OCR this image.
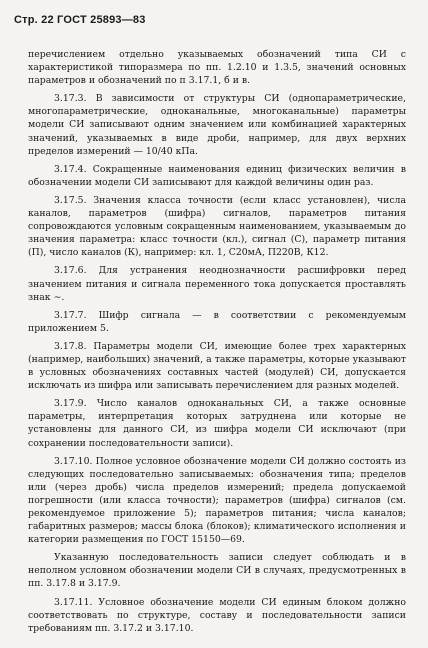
Стр. 22 ГОСТ 25893—83

перечислением отдельно указываемых обозначений типа СИ с характеристикой типоразмера по пп. 1.2.10 и 1.3.5, значений основных параметров и обозначений по п 3.17.1, б и в.

3.17.3. В зависимости от структуры СИ (однопараметрические, многопараметрические, одноканальные, многоканальные) параметры модели СИ записывают одним значением или комбинацией характерных значений, указываемых в виде дроби, например, для двух верхних пределов измерений — 10/40 кПа.

3.17.4. Сокращенные наименования единиц физических величин в обозначении модели СИ записывают для каждой величины один раз.

3.17.5. Значения класса точности (если класс установлен), числа каналов, параметров (шифра) сигналов, параметров питания сопровождаются условным сокращенным наименованием, указываемым до значения параметра: класс точности (кл.), сигнал (С), параметр питания (П), число каналов (К), например: кл. 1, С20мА, П220В, К12.

3.17.6. Для устранения неоднозначности расшифровки перед значением питания и сигнала переменного тока допускается проставлять знак ∼.

3.17.7. Шифр сигнала — в соответствии с рекомендуемым приложением 5.

3.17.8. Параметры модели СИ, имеющие более трех характерных (например, наибольших) значений, а также параметры, которые указывают в условных обозначениях составных частей (модулей) СИ, допускается исключать из шифра или записывать перечислением для разных моделей.

3.17.9. Число каналов одноканальных СИ, а также основные параметры, интерпретация которых затруднена или которые не установлены для данного СИ, из шифра модели СИ исключают (при сохранении последовательности записи).

3.17.10. Полное условное обозначение модели СИ должно состоять из следующих последовательно записываемых: обозначения типа; пределов или (через дробь) числа пределов измерений; предела допускаемой погрешности (или класса точности); параметров (шифра) сигналов (см. рекомендуемое приложение 5); параметров питания; числа каналов; габаритных размеров; массы блока (блоков); климатического исполнения и категории размещения по ГОСТ 15150—69.

Указанную последовательность записи следует соблюдать и в неполном условном обозначении модели СИ в случаях, предусмотренных в пп. 3.17.8 и 3.17.9.

3.17.11. Условное обозначение модели СИ единым блоком должно соответствовать по структуре, составу и последовательности записи требованиям пп. 3.17.2 и 3.17.10.
